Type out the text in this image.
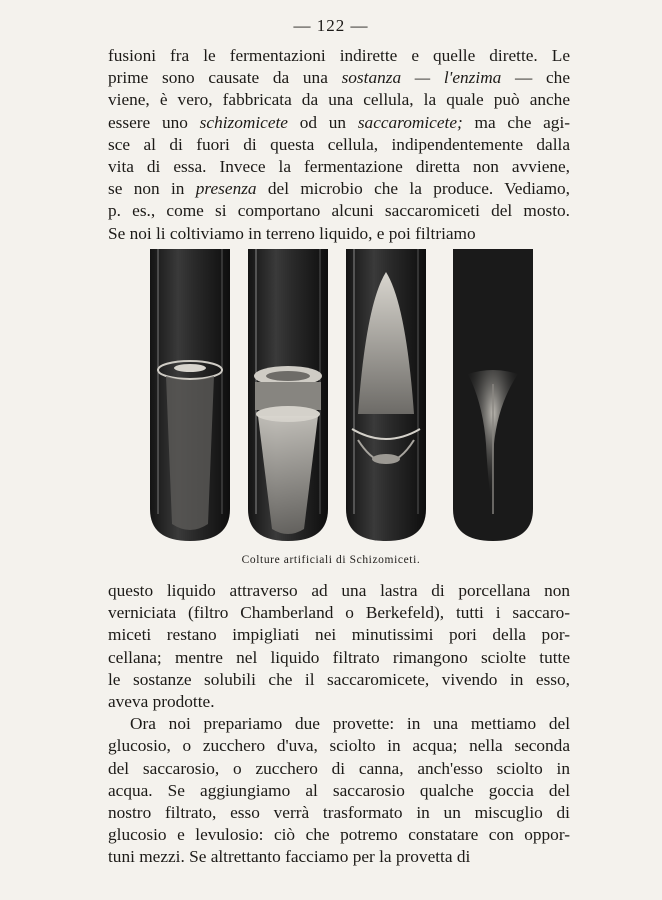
— 122 —
fusioni fra le fermentazioni indirette e quelle dirette. Le
prime sono causate da una sostanza — l'enzima — che
viene, è vero, fabbricata da una cellula, la quale può anche
essere uno schizomicete od un saccaromicete; ma che agi-
sce al di fuori di questa cellula, indipendentemente dalla
vita di essa. Invece la fermentazione diretta non avviene,
se non in presenza del microbio che la produce. Vediamo,
p. es., come si comportano alcuni saccaromiceti del mosto.
Se noi li coltiviamo in terreno liquido, e poi filtriamo
Colture artificiali di Schizomiceti.
questo liquido attraverso ad una lastra di porcellana non
verniciata (filtro Chamberland o Berkefeld), tutti i saccaro-
miceti restano impigliati nei minutissimi pori della por-
cellana; mentre nel liquido filtrato rimangono sciolte tutte
le sostanze solubili che il saccaromicete, vivendo in esso,
aveva prodotte.
Ora noi prepariamo due provette: in una mettiamo del
glucosio, o zucchero d'uva, sciolto in acqua; nella seconda
del saccarosio, o zucchero di canna, anch'esso sciolto in
acqua. Se aggiungiamo al saccarosio qualche goccia del
nostro filtrato, esso verrà trasformato in un miscuglio di
glucosio e levulosio: ciò che potremo constatare con oppor-
tuni mezzi. Se altrettanto facciamo per la provetta di
